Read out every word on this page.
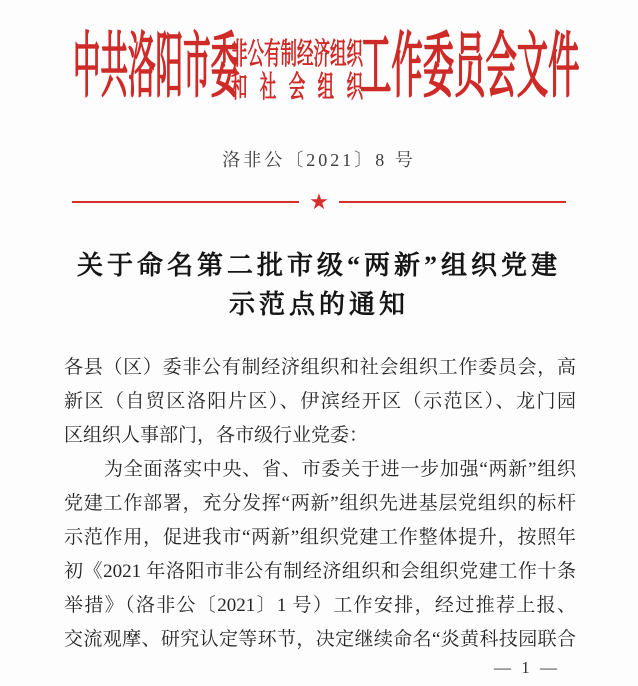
中共洛阳市委
非公有制经济组织
和社会组织
工作委员会文件
洛非公〔2021〕8 号
★
关于命名第二批市级“两新”组织党建
示范点的通知
各县（区）委非公有制经济组织和社会组织工作委员会，高
新区（自贸区洛阳片区）、伊滨经开区（示范区）、龙门园
区组织人事部门，各市级行业党委：
为全面落实中央、省、市委关于进一步加强“两新”组织
党建工作部署，充分发挥“两新”组织先进基层党组织的标杆
示范作用，促进我市“两新”组织党建工作整体提升，按照年
初《2021 年洛阳市非公有制经济组织和会组织党建工作十条
举措》（洛非公〔2021〕1 号）工作安排，经过推荐上报、
交流观摩、研究认定等环节，决定继续命名“炎黄科技园联合
— 1 —
